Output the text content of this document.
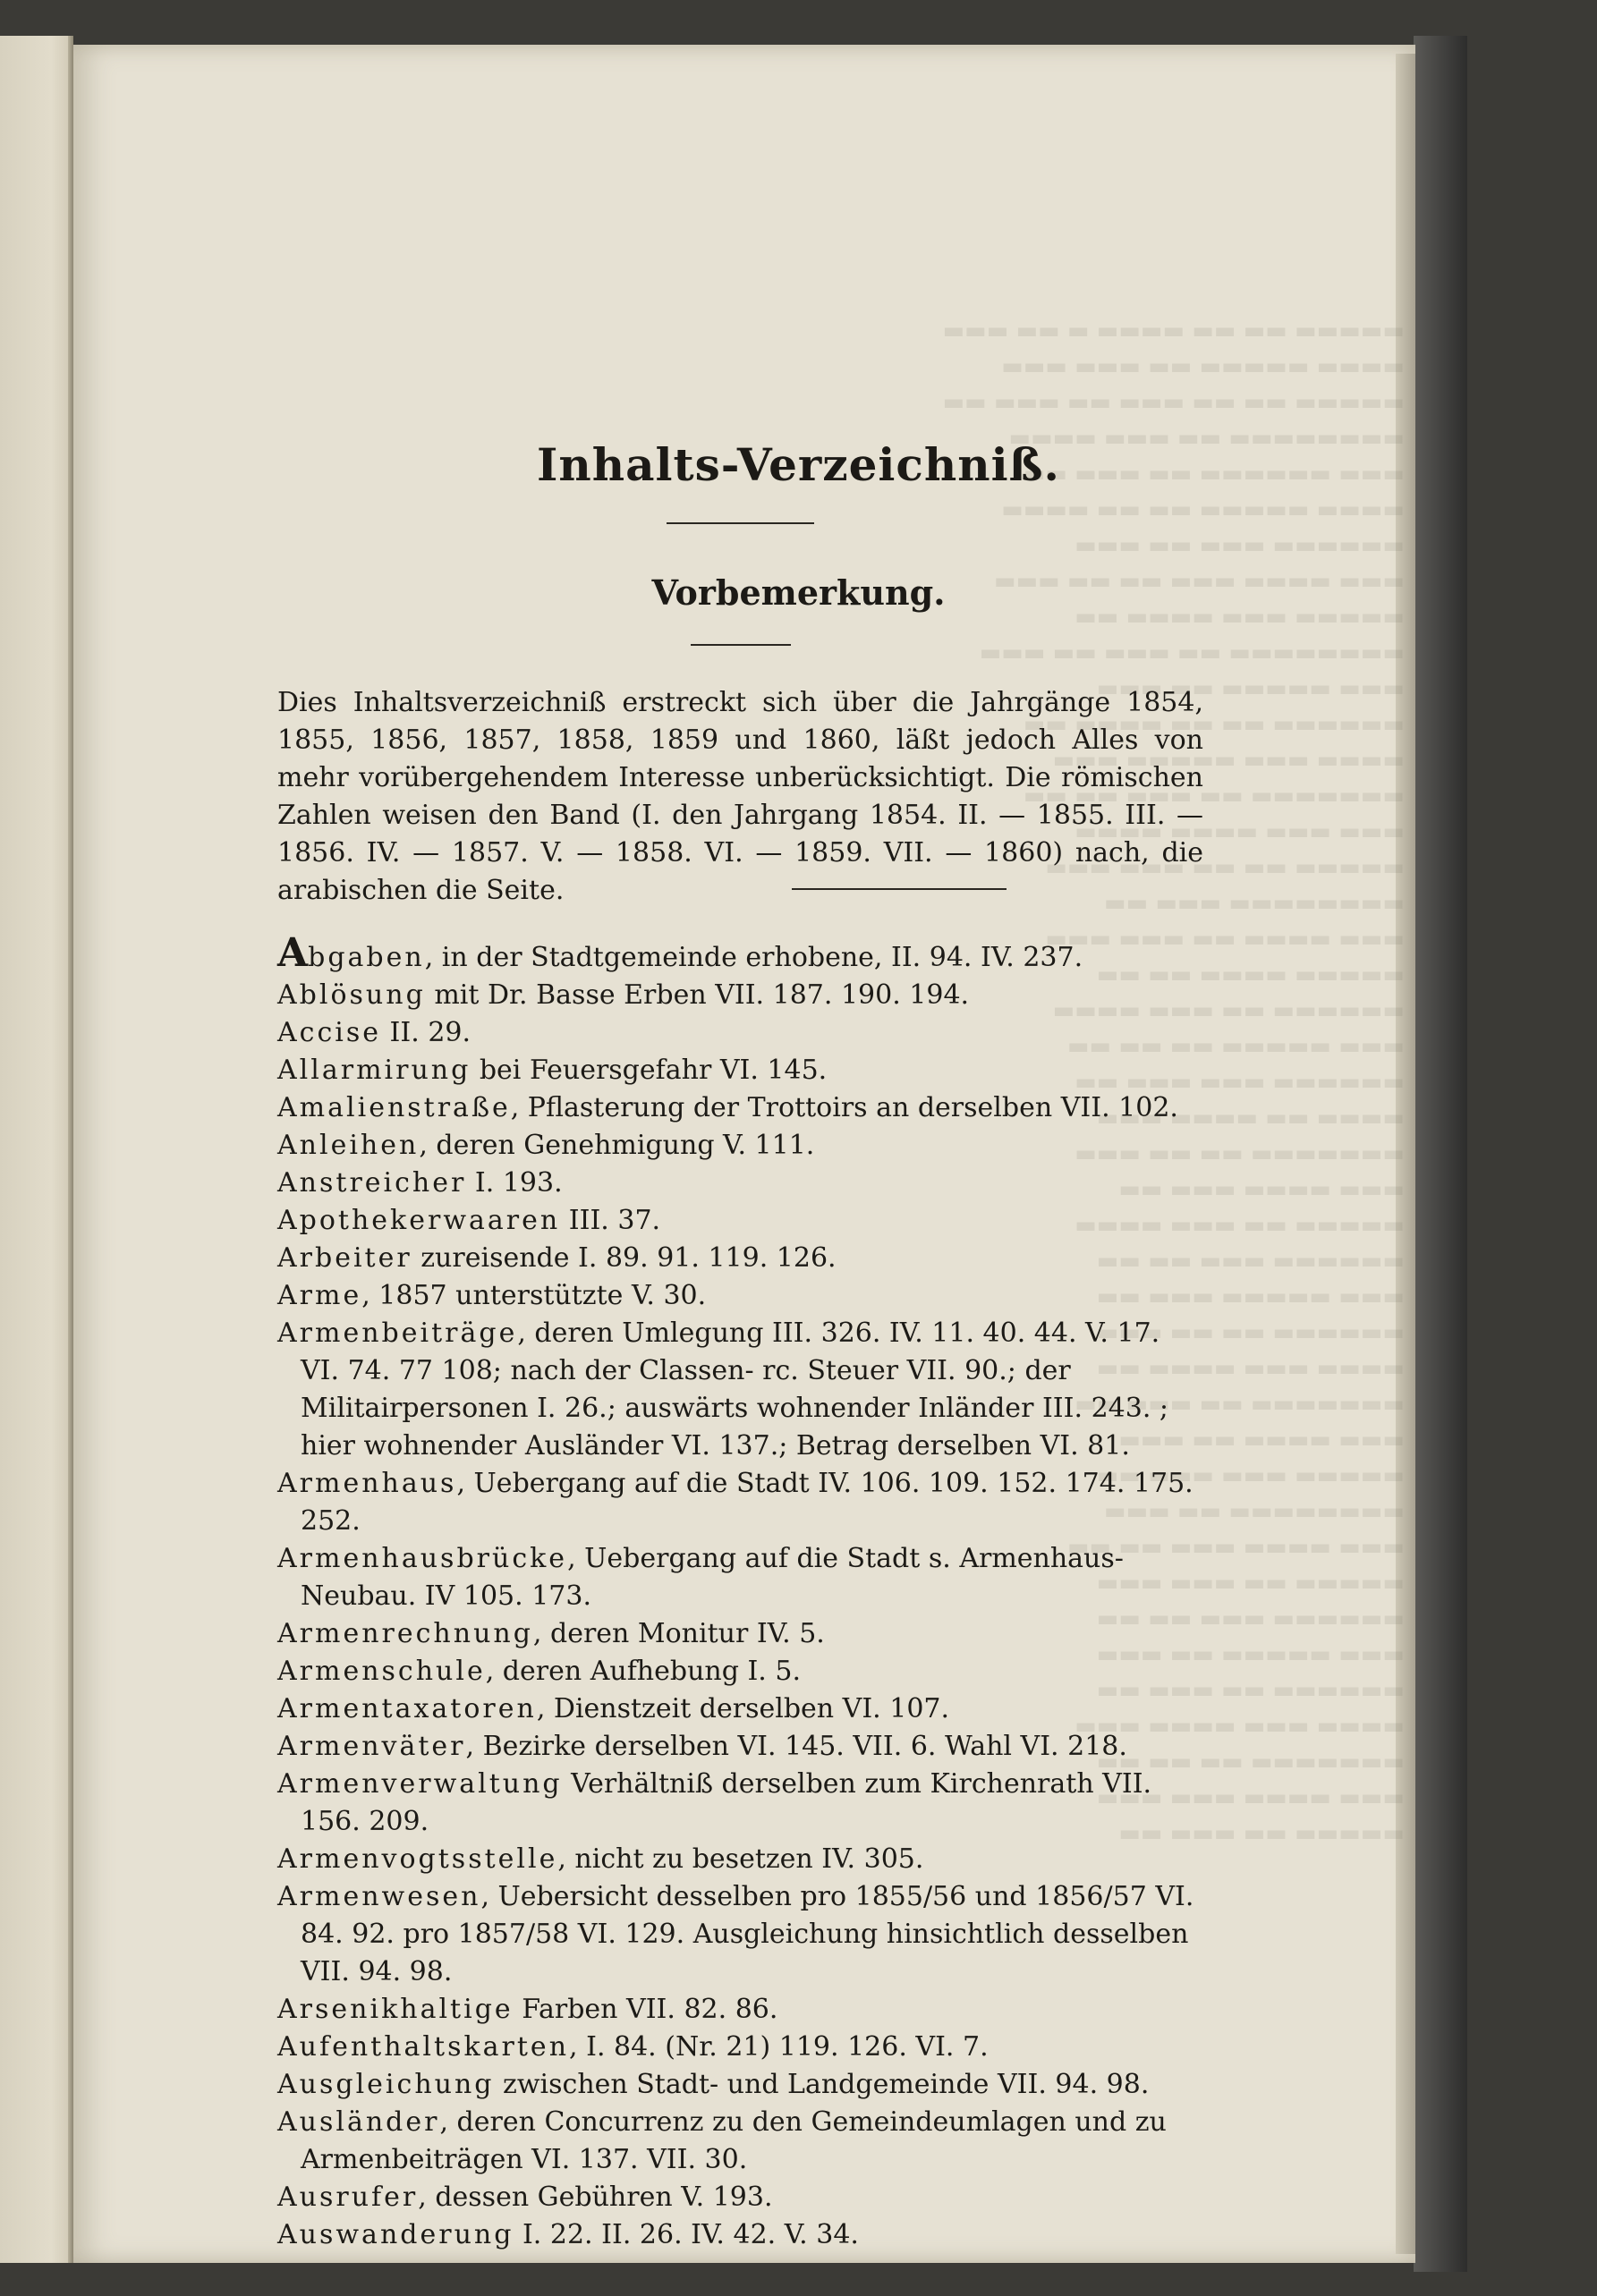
Inhalts-Verzeichniß.
Vorbemerkung.
Dies Inhaltsverzeichniß erstreckt sich über die Jahrgänge 1854, 1855, 1856, 1857, 1858, 1859 und 1860, läßt jedoch Alles von mehr vorübergehendem Interesse unberücksichtigt. Die römischen Zahlen weisen den Band (I. den Jahrgang 1854. II. — 1855. III. — 1856. IV. — 1857. V. — 1858. VI. — 1859. VII. — 1860) nach, die arabischen die Seite.

Abgaben, in der Stadtgemeinde erhobene, II. 94. IV. 237.

Ablösung mit Dr. Basse Erben VII. 187. 190. 194.

Accise II. 29.

Allarmirung bei Feuersgefahr VI. 145.

Amalienstraße, Pflasterung der Trottoirs an derselben VII. 102.

Anleihen, deren Genehmigung V. 111.

Anstreicher I. 193.

Apothekerwaaren III. 37.

Arbeiter zureisende I. 89. 91. 119. 126.

Arme, 1857 unterstützte V. 30.

Armenbeiträge, deren Umlegung III. 326. IV. 11. 40. 44. V. 17. VI. 74. 77 108; nach der Classen- rc. Steuer VII. 90.; der Militairpersonen I. 26.; auswärts wohnender Inländer III. 243. ; hier wohnender Ausländer VI. 137.; Betrag derselben VI. 81.

Armenhaus, Uebergang auf die Stadt IV. 106. 109. 152. 174. 175. 252.

Armenhausbrücke, Uebergang auf die Stadt s. Armenhaus-Neubau. IV 105. 173.

Armenrechnung, deren Monitur IV. 5.

Armenschule, deren Aufhebung I. 5.

Armentaxatoren, Dienstzeit derselben VI. 107.

Armenväter, Bezirke derselben VI. 145. VII. 6. Wahl VI. 218.

Armenverwaltung Verhältniß derselben zum Kirchenrath VII. 156. 209.

Armenvogtsstelle, nicht zu besetzen IV. 305.

Armenwesen, Uebersicht desselben pro 1855/56 und 1856/57 VI. 84. 92. pro 1857/58 VI. 129. Ausgleichung hinsichtlich desselben VII. 94. 98.

Arsenikhaltige Farben VII. 82. 86.

Aufenthaltskarten, I. 84. (Nr. 21) 119. 126. VI. 7.

Ausgleichung zwischen Stadt- und Landgemeinde VII. 94. 98.

Ausländer, deren Concurrenz zu den Gemeindeumlagen und zu Armenbeiträgen VI. 137. VII. 30.

Ausrufer, dessen Gebühren V. 193.

Auswanderung I. 22. II. 26. IV. 42. V. 34.
